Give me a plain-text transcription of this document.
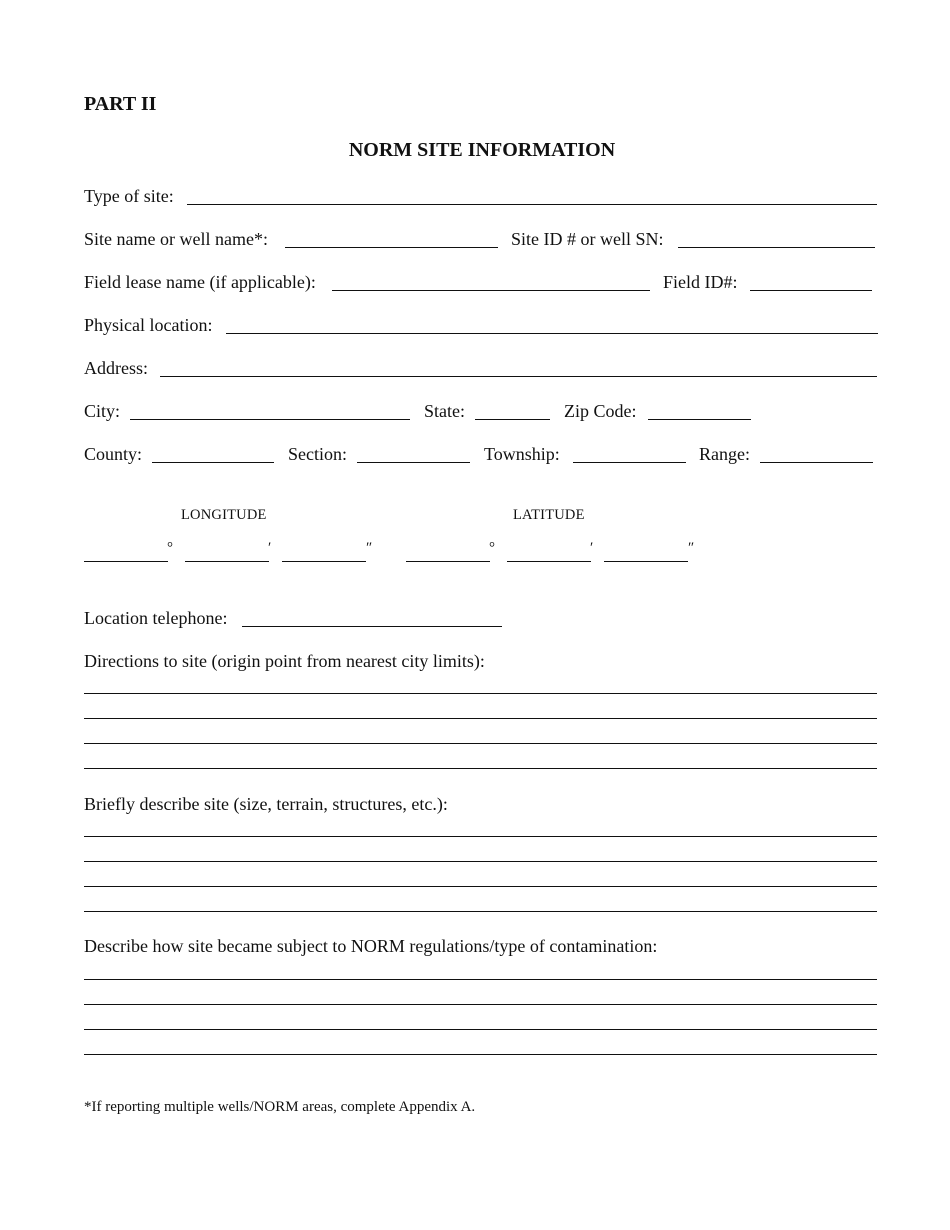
PART II
NORM SITE INFORMATION
Type of site:
Site name or well name*:	Site ID # or well SN:
Field lease name (if applicable):	Field ID#:
Physical location:
Address:
City:	State:	Zip Code:
County:	Section:	Township:	Range:
LONGITUDE	LATITUDE
°	′	″	°	′	″
Location telephone:
Directions to site (origin point from nearest city limits):
Briefly describe site (size, terrain, structures, etc.):
Describe how site became subject to NORM regulations/type of contamination:
*If reporting multiple wells/NORM areas, complete Appendix A.
